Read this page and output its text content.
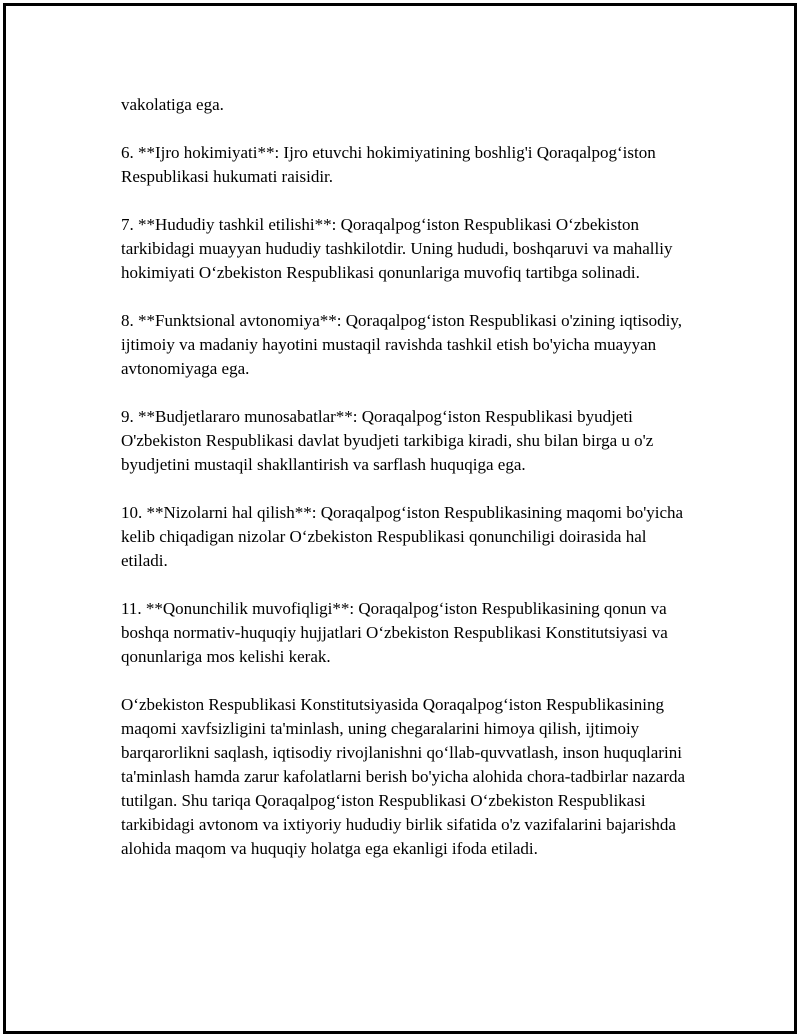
vakolatiga ega.

6. **Ijro hokimiyati**: Ijro etuvchi hokimiyatining boshlig'i Qoraqalpogʻiston Respublikasi hukumati raisidir.

7. **Hududiy tashkil etilishi**: Qoraqalpogʻiston Respublikasi Oʻzbekiston tarkibidagi muayyan hududiy tashkilotdir. Uning hududi, boshqaruvi va mahalliy hokimiyati Oʻzbekiston Respublikasi qonunlariga muvofiq tartibga solinadi.

8. **Funktsional avtonomiya**: Qoraqalpogʻiston Respublikasi o'zining iqtisodiy, ijtimoiy va madaniy hayotini mustaqil ravishda tashkil etish bo'yicha muayyan avtonomiyaga ega.

9. **Budjetlararo munosabatlar**: Qoraqalpogʻiston Respublikasi byudjeti O'zbekiston Respublikasi davlat byudjeti tarkibiga kiradi, shu bilan birga u o'z byudjetini mustaqil shakllantirish va sarflash huquqiga ega.

10. **Nizolarni hal qilish**: Qoraqalpogʻiston Respublikasining maqomi bo'yicha kelib chiqadigan nizolar Oʻzbekiston Respublikasi qonunchiligi doirasida hal etiladi.

11. **Qonunchilik muvofiqligi**: Qoraqalpogʻiston Respublikasining qonun va boshqa normativ-huquqiy hujjatlari Oʻzbekiston Respublikasi Konstitutsiyasi va qonunlariga mos kelishi kerak.

Oʻzbekiston Respublikasi Konstitutsiyasida Qoraqalpogʻiston Respublikasining maqomi xavfsizligini ta'minlash, uning chegaralarini himoya qilish, ijtimoiy barqarorlikni saqlash, iqtisodiy rivojlanishni qoʻllab-quvvatlash, inson huquqlarini ta'minlash hamda zarur kafolatlarni berish bo'yicha alohida chora-tadbirlar nazarda tutilgan. Shu tariqa Qoraqalpogʻiston Respublikasi Oʻzbekiston Respublikasi tarkibidagi avtonom va ixtiyoriy hududiy birlik sifatida o'z vazifalarini bajarishda alohida maqom va huquqiy holatga ega ekanligi ifoda etiladi.
